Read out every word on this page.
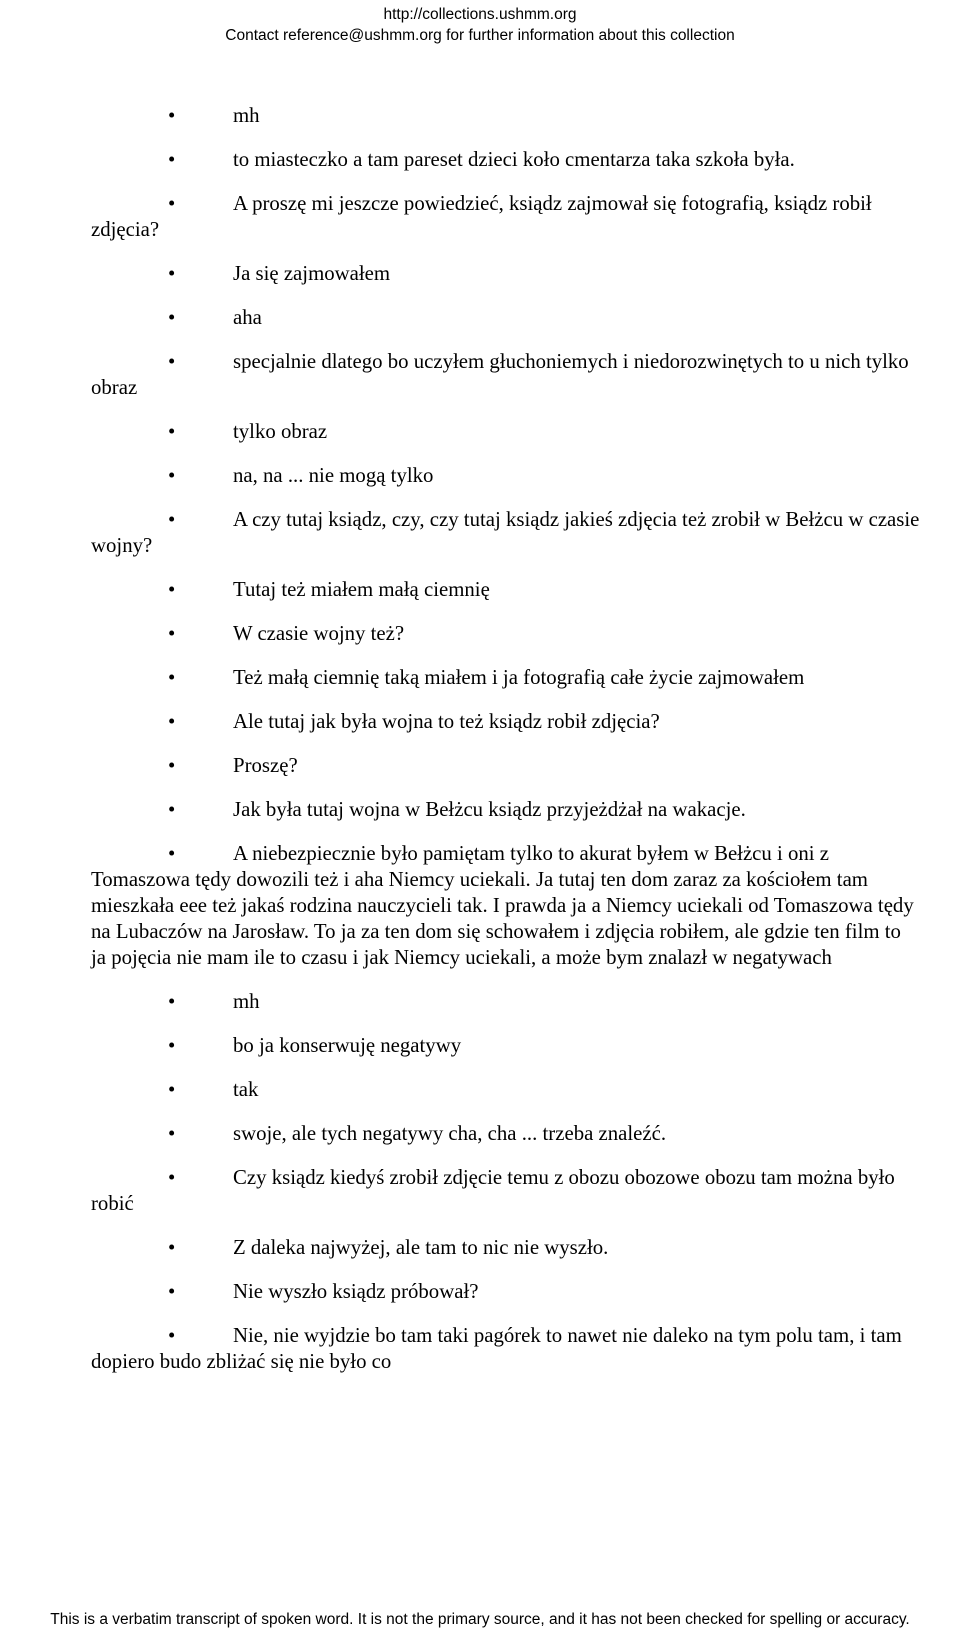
http://collections.ushmm.org
Contact reference@ushmm.org for further information about this collection
•	mh
•	to miasteczko a tam pareset dzieci koło cmentarza taka szkoła była.
•	A proszę mi jeszcze powiedzieć, ksiądz zajmował się fotografią, ksiądz robił zdjęcia?
•	Ja się zajmowałem
•	aha
•	specjalnie dlatego bo uczyłem głuchoniemych i niedorozwinętych to u nich tylko obraz
•	tylko obraz
•	na, na ... nie mogą tylko
•	A czy tutaj ksiądz, czy, czy tutaj ksiądz jakieś zdjęcia też zrobił w Bełżcu w czasie wojny?
•	Tutaj też miałem małą ciemnię
•	W czasie wojny też?
•	Też małą ciemnię taką miałem i ja fotografią całe życie zajmowałem
•	Ale tutaj jak była wojna to też ksiądz robił zdjęcia?
•	Proszę?
•	Jak była tutaj wojna w Bełżcu ksiądz przyjeżdżał na wakacje.
•	A niebezpiecznie było pamiętam tylko to akurat byłem w Bełżcu i oni z Tomaszowa tędy dowozili też i aha Niemcy uciekali. Ja tutaj ten dom zaraz za kościołem tam mieszkała eee też jakaś rodzina nauczycieli tak. I prawda ja a Niemcy uciekali od Tomaszowa tędy na Lubaczów na Jarosław. To ja za ten dom się schowałem i zdjęcia robiłem, ale gdzie ten film to ja pojęcia nie mam ile to czasu i jak Niemcy uciekali, a może bym znalazł w negatywach
•	mh
•	bo ja konserwuję negatywy
•	tak
•	swoje, ale tych negatywy cha, cha ... trzeba znaleźć.
•	Czy ksiądz kiedyś zrobił zdjęcie temu z obozu obozowe obozu tam można było robić
•	Z daleka najwyżej, ale tam to nic nie wyszło.
•	Nie wyszło ksiądz próbował?
•	Nie, nie wyjdzie bo tam taki pagórek to nawet nie daleko na tym polu tam, i tam dopiero budo zbliżać się nie było co
This is a verbatim transcript of spoken word. It is not the primary source, and it has not been checked for spelling or accuracy.
